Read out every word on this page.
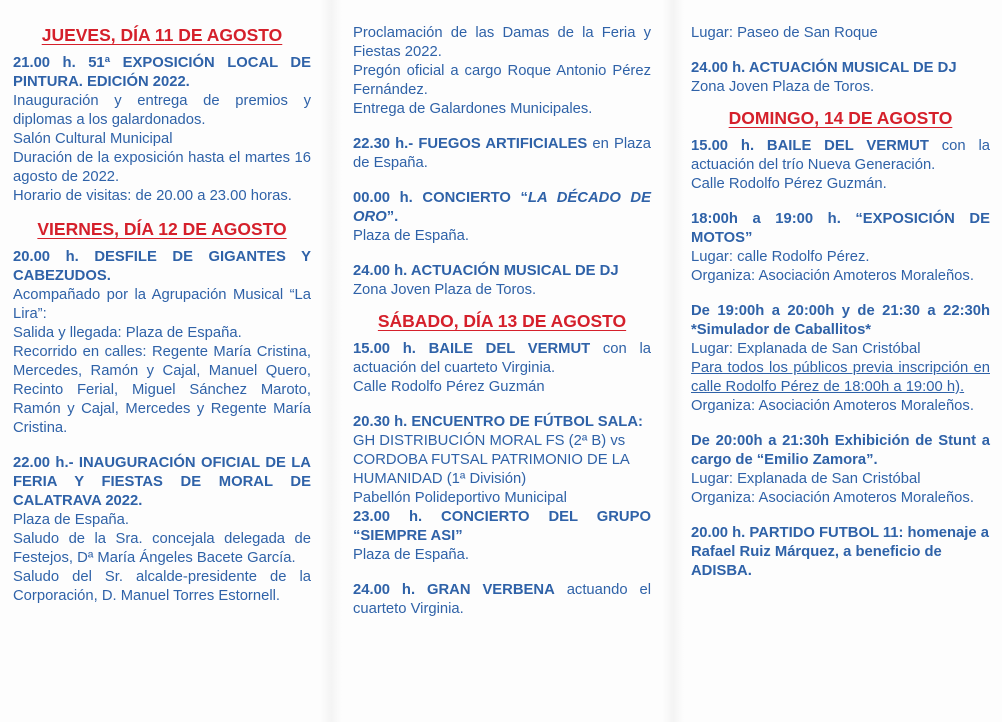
JUEVES, DÍA 11 DE AGOSTO

21.00 h. 51ª EXPOSICIÓN LOCAL DE PINTURA. EDICIÓN 2022.

Inauguración y entrega de premios y diplomas a los galardonados.

Salón Cultural Municipal

Duración de la exposición hasta el martes 16 agosto de 2022.

Horario de visitas: de 20.00 a 23.00 horas.

VIERNES, DÍA 12 DE AGOSTO

20.00 h. DESFILE DE GIGANTES Y CABEZUDOS.

Acompañado por la Agrupación Musical “La Lira”:

Salida y llegada: Plaza de España.

Recorrido en calles: Regente María Cristina, Mercedes, Ramón y Cajal, Manuel Quero, Recinto Ferial, Miguel Sánchez Maroto, Ramón y Cajal, Mercedes y Regente María Cristina.

22.00 h.- INAUGURACIÓN OFICIAL DE LA FERIA Y FIESTAS DE MORAL DE CALATRAVA 2022.

Plaza de España.

Saludo de la Sra. concejala delegada de Festejos, Dª María Ángeles Bacete García.

Saludo del Sr. alcalde-presidente de la Corporación, D. Manuel Torres Estornell.

Proclamación de las Damas de la Feria y Fiestas 2022.

Pregón oficial a cargo Roque Antonio Pérez Fernández.

Entrega de Galardones Municipales.

22.30 h.- FUEGOS ARTIFICIALES en Plaza de España.

00.00 h. CONCIERTO “LA DÉCADO DE ORO”.

Plaza de España.

24.00 h. ACTUACIÓN MUSICAL DE DJ

Zona Joven Plaza de Toros.

SÁBADO, DÍA 13 DE AGOSTO

15.00 h. BAILE DEL VERMUT con la actuación del cuarteto Virginia.

Calle Rodolfo Pérez Guzmán

20.30 h. ENCUENTRO DE FÚTBOL SALA:

GH DISTRIBUCIÓN MORAL FS (2ª B) vs CORDOBA FUTSAL PATRIMONIO DE LA HUMANIDAD (1ª División)

Pabellón Polideportivo Municipal

23.00 h. CONCIERTO DEL GRUPO “SIEMPRE ASI”

Plaza de España.

24.00 h. GRAN VERBENA actuando el cuarteto Virginia.

Lugar: Paseo de San Roque

24.00 h. ACTUACIÓN MUSICAL DE DJ

Zona Joven Plaza de Toros.

DOMINGO, 14 DE AGOSTO

15.00 h. BAILE DEL VERMUT con la actuación del trío Nueva Generación.

Calle Rodolfo Pérez Guzmán.

18:00h a 19:00 h. “EXPOSICIÓN DE MOTOS”

Lugar: calle Rodolfo Pérez.

Organiza: Asociación Amoteros Moraleños.

De 19:00h a 20:00h y de 21:30 a 22:30h *Simulador de Caballitos*

Lugar: Explanada de San Cristóbal

Para todos los públicos previa inscripción en calle Rodolfo Pérez de 18:00h a 19:00 h).

Organiza: Asociación Amoteros Moraleños.

De 20:00h a 21:30h Exhibición de Stunt a cargo de “Emilio Zamora”.

Lugar: Explanada de San Cristóbal

Organiza: Asociación Amoteros Moraleños.

20.00 h. PARTIDO FUTBOL 11: homenaje a Rafael Ruiz Márquez, a beneficio de ADISBA.
